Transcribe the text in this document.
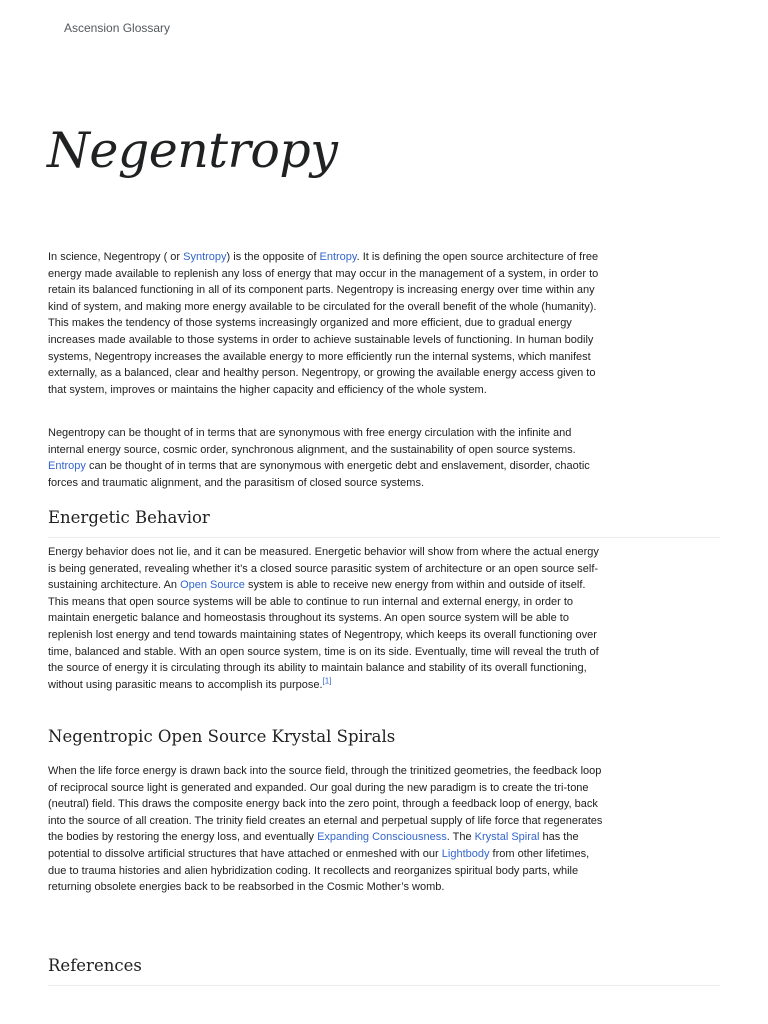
Ascension Glossary
Negentropy

In science, Negentropy ( or Syntropy) is the opposite of Entropy. It is defining the open source architecture of free energy made available to replenish any loss of energy that may occur in the management of a system, in order to retain its balanced functioning in all of its component parts. Negentropy is increasing energy over time within any kind of system, and making more energy available to be circulated for the overall benefit of the whole (humanity). This makes the tendency of those systems increasingly organized and more efficient, due to gradual energy increases made available to those systems in order to achieve sustainable levels of functioning. In human bodily systems, Negentropy increases the available energy to more efficiently run the internal systems, which manifest externally, as a balanced, clear and healthy person. Negentropy, or growing the available energy access given to that system, improves or maintains the higher capacity and efficiency of the whole system.

Negentropy can be thought of in terms that are synonymous with free energy circulation with the infinite and internal energy source, cosmic order, synchronous alignment, and the sustainability of open source systems. Entropy can be thought of in terms that are synonymous with energetic debt and enslavement, disorder, chaotic forces and traumatic alignment, and the parasitism of closed source systems.

Energetic Behavior

Energy behavior does not lie, and it can be measured. Energetic behavior will show from where the actual energy is being generated, revealing whether it’s a closed source parasitic system of architecture or an open source self-sustaining architecture. An Open Source system is able to receive new energy from within and outside of itself. This means that open source systems will be able to continue to run internal and external energy, in order to maintain energetic balance and homeostasis throughout its systems. An open source system will be able to replenish lost energy and tend towards maintaining states of Negentropy, which keeps its overall functioning over time, balanced and stable. With an open source system, time is on its side. Eventually, time will reveal the truth of the source of energy it is circulating through its ability to maintain balance and stability of its overall functioning, without using parasitic means to accomplish its purpose.[1]

Negentropic Open Source Krystal Spirals

When the life force energy is drawn back into the source field, through the trinitized geometries, the feedback loop of reciprocal source light is generated and expanded. Our goal during the new paradigm is to create the tri-tone (neutral) field. This draws the composite energy back into the zero point, through a feedback loop of energy, back into the source of all creation. The trinity field creates an eternal and perpetual supply of life force that regenerates the bodies by restoring the energy loss, and eventually Expanding Consciousness. The Krystal Spiral has the potential to dissolve artificial structures that have attached or enmeshed with our Lightbody from other lifetimes, due to trauma histories and alien hybridization coding. It recollects and reorganizes spiritual body parts, while returning obsolete energies back to be reabsorbed in the Cosmic Mother’s womb.

References
